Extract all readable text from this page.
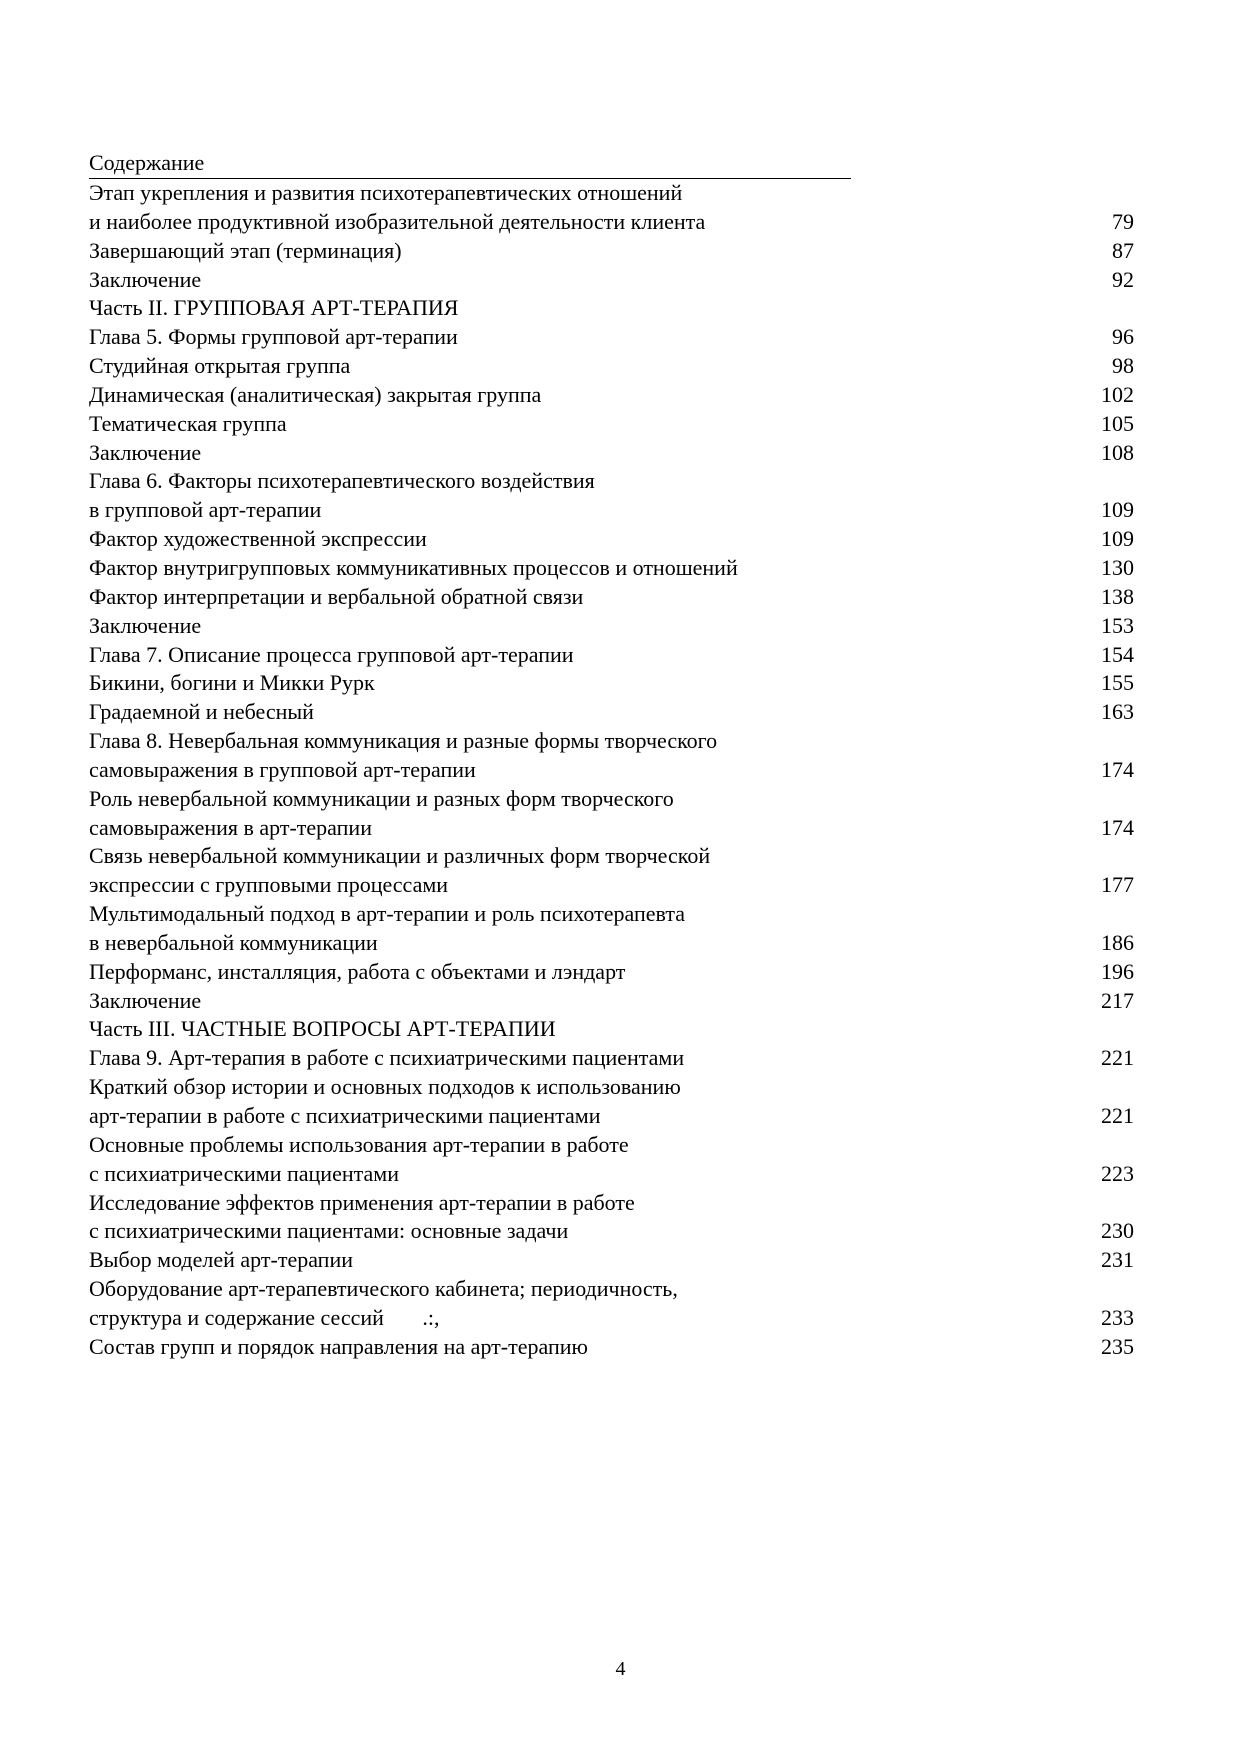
Содержание
Этап укрепления и развития психотерапевтических отношений
и наиболее продуктивной изобразительной деятельности клиента	79
Завершающий этап (терминация)	87
Заключение	92
Часть II. ГРУППОВАЯ АРТ-ТЕРАПИЯ
Глава 5. Формы групповой арт-терапии	96
Студийная открытая группа	98
Динамическая (аналитическая) закрытая группа	102
Тематическая группа	105
Заключение	108
Глава 6. Факторы психотерапевтического воздействия
в групповой арт-терапии	109
Фактор художественной экспрессии	109
Фактор внутригрупповых коммуникативных процессов и отношений	130
Фактор интерпретации и вербальной обратной связи	138
Заключение	153
Глава 7. Описание процесса групповой арт-терапии	154
Бикини, богини и Микки Рурк	155
Градаемной и небесный	163
Глава 8. Невербальная коммуникация и разные формы творческого
самовыражения в групповой арт-терапии	174
Роль невербальной коммуникации и разных форм творческого
самовыражения в арт-терапии	174
Связь невербальной коммуникации и различных форм творческой
экспрессии с групповыми процессами	177
Мультимодальный подход в арт-терапии и роль психотерапевта
в невербальной коммуникации	186
Перформанс, инсталляция, работа с объектами и лэндарт	196
Заключение	217
Часть III. ЧАСТНЫЕ ВОПРОСЫ АРТ-ТЕРАПИИ
Глава 9. Арт-терапия в работе с психиатрическими пациентами	221
Краткий обзор истории и основных подходов к использованию
арт-терапии в работе с психиатрическими пациентами	221
Основные проблемы использования арт-терапии в работе
с психиатрическими пациентами	223
Исследование эффектов применения арт-терапии в работе
с психиатрическими пациентами: основные задачи	230
Выбор моделей арт-терапии	231
Оборудование арт-терапевтического кабинета; периодичность,
структура и содержание сессий       .:,	233
Состав групп и порядок направления на арт-терапию	235
4
